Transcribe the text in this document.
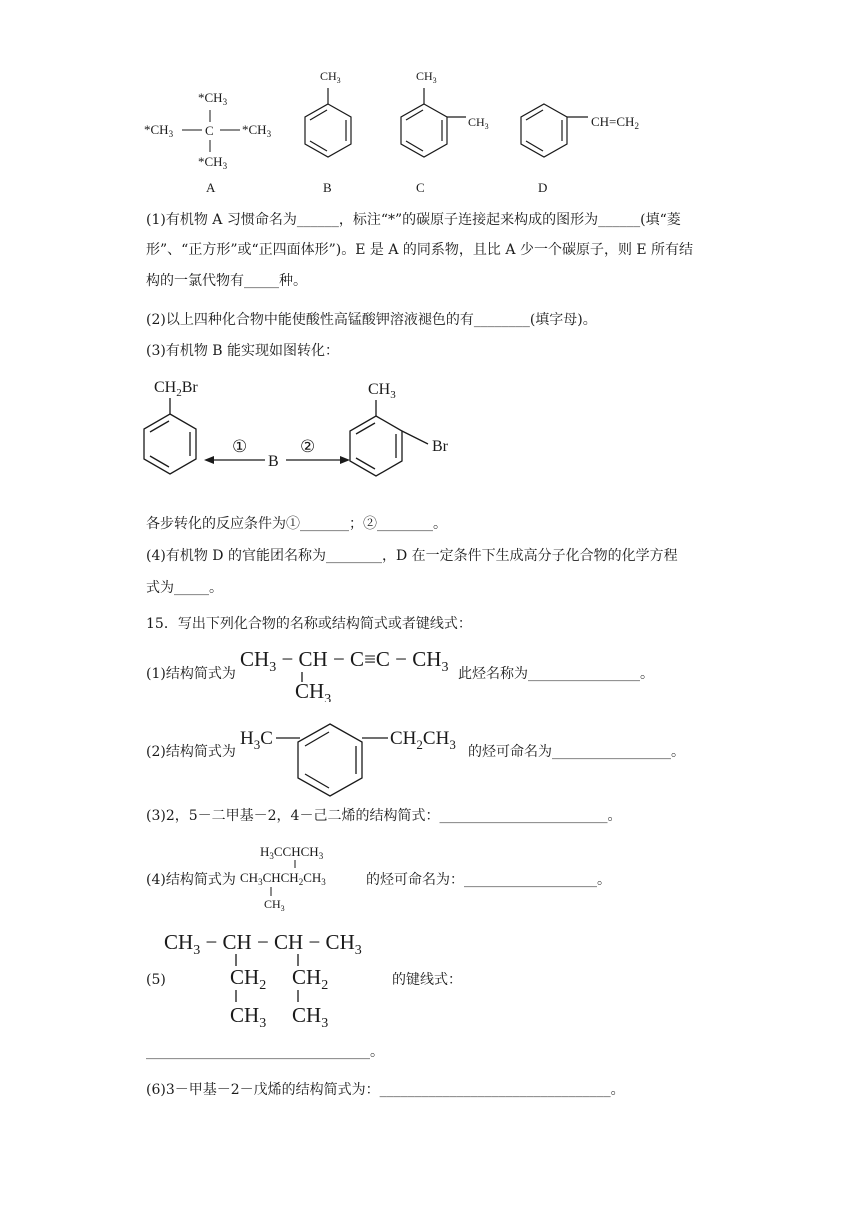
$*CH_3$
$*CH_3$ C $*CH_3$
$*CH_3$
A
$CH_3$
B
$CH_3$
$CH_3$
C
$CH=CH_2$
D
(1)有机物 A 习惯命名为______，标注“*”的碳原子连接起来构成的图形为______(填“菱
形”、“正方形”或“正四面体形”)。E 是 A 的同系物，且比 A 少一个碳原子，则 E 所有结
构的一氯代物有_____种。
(2)以上四种化合物中能使酸性高锰酸钾溶液褪色的有________(填字母)。
(3)有机物 B 能实现如图转化：
$CH_2Br$
①
B
②
$CH_3$
Br
各步转化的反应条件为①_______；②________。
(4)有机物 D 的官能团名称为________，D 在一定条件下生成高分子化合物的化学方程
式为_____。
15．写出下列化合物的名称或结构简式或者键线式：
(1)结构简式为
$CH_3$ − CH − $C\equiv C - CH_3$
$CH_3$
此烃名称为________________。
(2)结构简式为
$H_3C$	$CH_2CH_3$ 的烃可命名为_________________。
(3)2，5－二甲基－2，4－己二烯的结构简式：________________________。
(4)结构简式为
$H_3CCHCH_3$
$CH_3CHCH_2CH_3$
$CH_3$
的烃可命名为：___________________。
(5)
$CH_3$ − CH − CH − $CH_3$
$CH_2$ $CH_2$
$CH_3$ $CH_3$
的键线式：
________________________________。
(6)3－甲基－2－戊烯的结构简式为：_________________________________。
